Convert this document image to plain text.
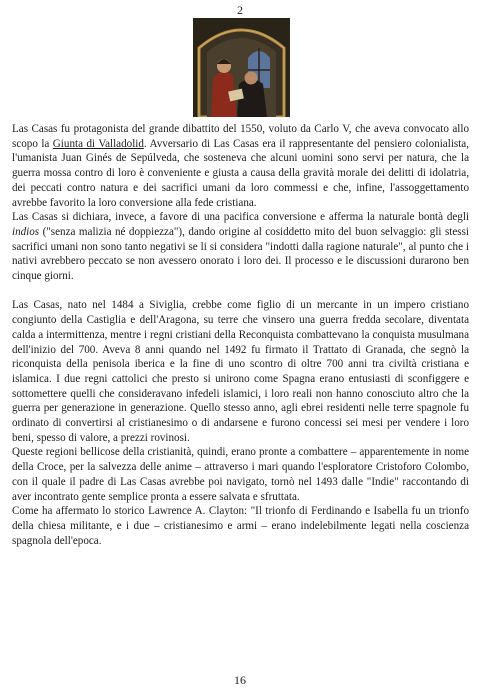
2

Las Casas fu protagonista del grande dibattito del 1550, voluto da Carlo V, che aveva convocato allo scopo la Giunta di Valladolid. Avversario di Las Casas era il rappresentante del pensiero colonialista, l'umanista Juan Ginés de Sepúlveda, che sosteneva che alcuni uomini sono servi per natura, che la guerra mossa contro di loro è conveniente e giusta a causa della gravità morale dei delitti di idolatria, dei peccati contro natura e dei sacrifici umani da loro commessi e che, infine, l'assoggettamento avrebbe favorito la loro conversione alla fede cristiana.

Las Casas si dichiara, invece, a favore di una pacifica conversione e afferma la naturale bontà degli indios ("senza malizia né doppiezza"), dando origine al cosiddetto mito del buon selvaggio: gli stessi sacrifici umani non sono tanto negativi se li si considera "indotti dalla ragione naturale", al punto che i nativi avrebbero peccato se non avessero onorato i loro dei. Il processo e le discussioni durarono ben cinque giorni.

Las Casas, nato nel 1484 a Siviglia, crebbe come figlio di un mercante in un impero cristiano congiunto della Castiglia e dell'Aragona, su terre che vinsero una guerra fredda secolare, diventata calda a intermittenza, mentre i regni cristiani della Reconquista combattevano la conquista musulmana dell'inizio del 700. Aveva 8 anni quando nel 1492 fu firmato il Trattato di Granada, che segnò la riconquista della penisola iberica e la fine di uno scontro di oltre 700 anni tra civiltà cristiana e islamica. I due regni cattolici che presto si unirono come Spagna erano entusiasti di sconfiggere e sottomettere quelli che consideravano infedeli islamici, i loro reali non hanno conosciuto altro che la guerra per generazione in generazione. Quello stesso anno, agli ebrei residenti nelle terre spagnole fu ordinato di convertirsi al cristianesimo o di andarsene e furono concessi sei mesi per vendere i loro beni, spesso di valore, a prezzi rovinosi.

Queste regioni bellicose della cristianità, quindi, erano pronte a combattere – apparentemente in nome della Croce, per la salvezza delle anime – attraverso i mari quando l'esploratore Cristoforo Colombo, con il quale il padre di Las Casas avrebbe poi navigato, tornò nel 1493 dalle "Indie" raccontando di aver incontrato gente semplice pronta a essere salvata e sfruttata.

Come ha affermato lo storico Lawrence A. Clayton: "Il trionfo di Ferdinando e Isabella fu un trionfo della chiesa militante, e i due – cristianesimo e armi – erano indelebilmente legati nella coscienza spagnola dell'epoca.

16
